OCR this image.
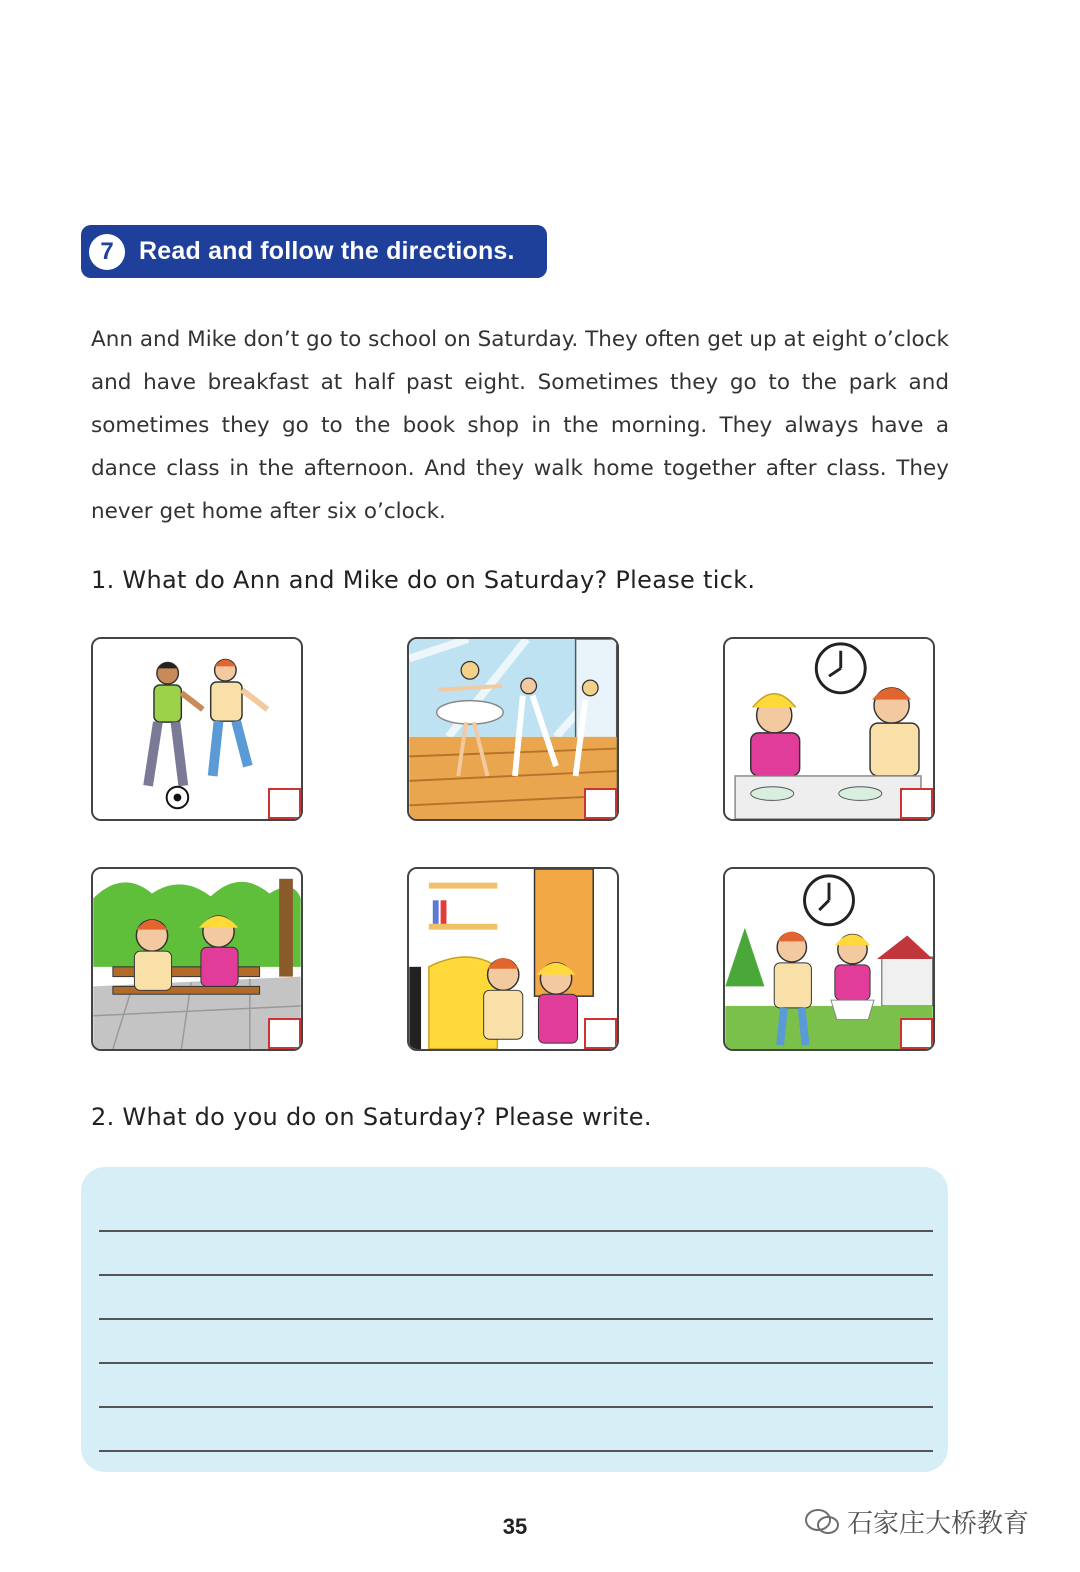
7	Read and follow the directions.

Ann and Mike don’t go to school on Saturday. They often get up at eight o’clock and have breakfast at half past eight. Sometimes they go to the park and sometimes they go to the book shop in the morning. They always have a dance class in the afternoon. And they walk home together after class. They never get home after six o’clock.

1. What do Ann and Mike do on Saturday? Please tick.

2. What do you do on Saturday? Please write.

35	石家庄大桥教育
